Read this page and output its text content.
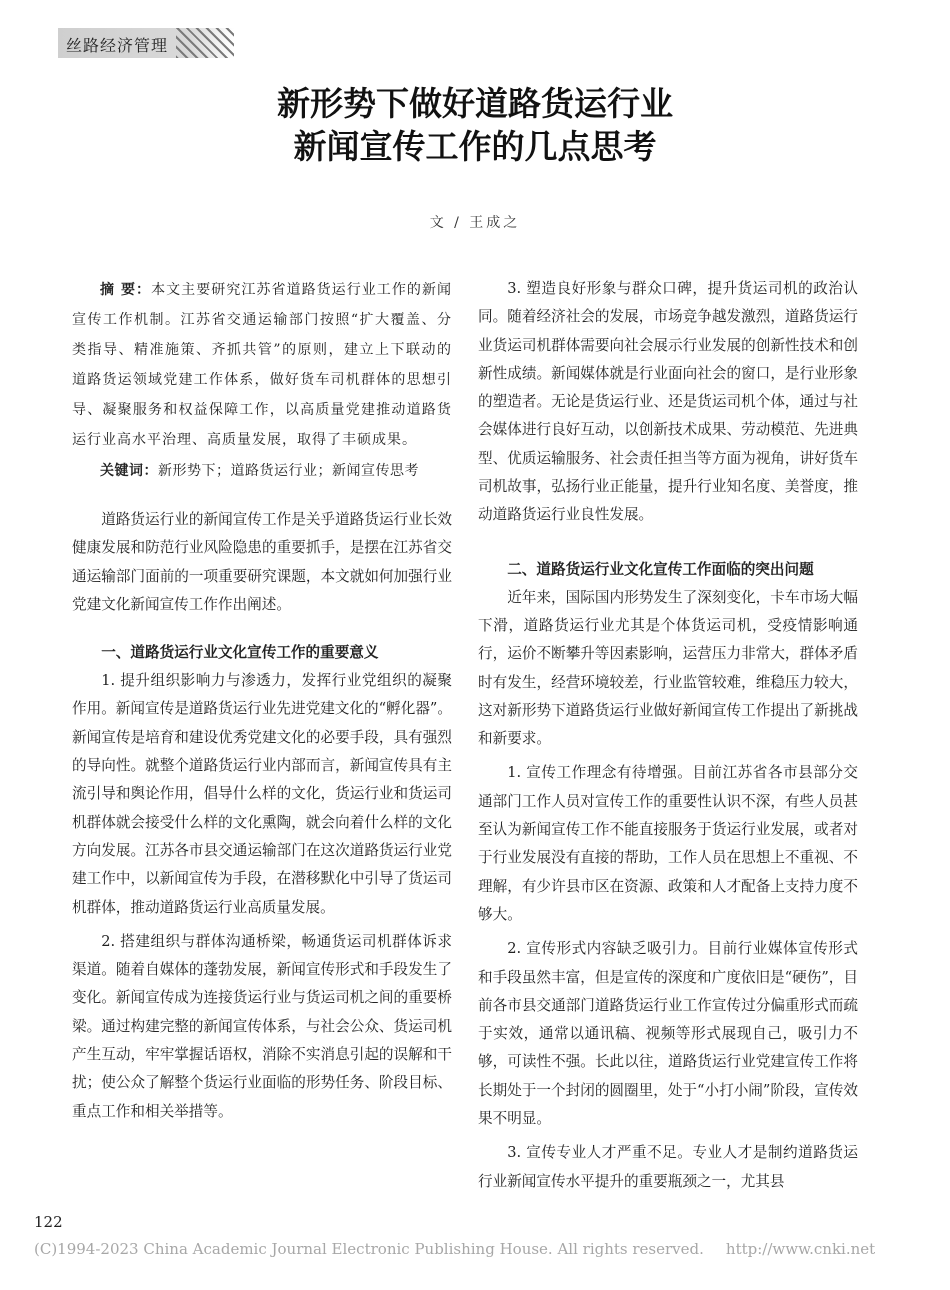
丝路经济管理
新形势下做好道路货运行业
新闻宣传工作的几点思考
文 / 王成之

摘 要：本文主要研究江苏省道路货运行业工作的新闻宣传工作机制。江苏省交通运输部门按照“扩大覆盖、分类指导、精准施策、齐抓共管”的原则，建立上下联动的道路货运领域党建工作体系，做好货车司机群体的思想引导、凝聚服务和权益保障工作，以高质量党建推动道路货运行业高水平治理、高质量发展，取得了丰硕成果。

关键词：新形势下；道路货运行业；新闻宣传思考

道路货运行业的新闻宣传工作是关乎道路货运行业长效健康发展和防范行业风险隐患的重要抓手，是摆在江苏省交通运输部门面前的一项重要研究课题，本文就如何加强行业党建文化新闻宣传工作作出阐述。

一、道路货运行业文化宣传工作的重要意义

1. 提升组织影响力与渗透力，发挥行业党组织的凝聚作用。新闻宣传是道路货运行业先进党建文化的“孵化器”。新闻宣传是培育和建设优秀党建文化的必要手段，具有强烈的导向性。就整个道路货运行业内部而言，新闻宣传具有主流引导和舆论作用，倡导什么样的文化，货运行业和货运司机群体就会接受什么样的文化熏陶，就会向着什么样的文化方向发展。江苏各市县交通运输部门在这次道路货运行业党建工作中，以新闻宣传为手段，在潜移默化中引导了货运司机群体，推动道路货运行业高质量发展。

2. 搭建组织与群体沟通桥梁，畅通货运司机群体诉求渠道。随着自媒体的蓬勃发展，新闻宣传形式和手段发生了变化。新闻宣传成为连接货运行业与货运司机之间的重要桥梁。通过构建完整的新闻宣传体系，与社会公众、货运司机产生互动，牢牢掌握话语权，消除不实消息引起的误解和干扰；使公众了解整个货运行业面临的形势任务、阶段目标、重点工作和相关举措等。

3. 塑造良好形象与群众口碑，提升货运司机的政治认同。随着经济社会的发展，市场竞争越发激烈，道路货运行业货运司机群体需要向社会展示行业发展的创新性技术和创新性成绩。新闻媒体就是行业面向社会的窗口，是行业形象的塑造者。无论是货运行业、还是货运司机个体，通过与社会媒体进行良好互动，以创新技术成果、劳动模范、先进典型、优质运输服务、社会责任担当等方面为视角，讲好货车司机故事，弘扬行业正能量，提升行业知名度、美誉度，推动道路货运行业良性发展。

二、道路货运行业文化宣传工作面临的突出问题

近年来，国际国内形势发生了深刻变化，卡车市场大幅下滑，道路货运行业尤其是个体货运司机，受疫情影响通行，运价不断攀升等因素影响，运营压力非常大，群体矛盾时有发生，经营环境较差，行业监管较难，维稳压力较大，这对新形势下道路货运行业做好新闻宣传工作提出了新挑战和新要求。

1. 宣传工作理念有待增强。目前江苏省各市县部分交通部门工作人员对宣传工作的重要性认识不深，有些人员甚至认为新闻宣传工作不能直接服务于货运行业发展，或者对于行业发展没有直接的帮助，工作人员在思想上不重视、不理解，有少许县市区在资源、政策和人才配备上支持力度不够大。

2. 宣传形式内容缺乏吸引力。目前行业媒体宣传形式和手段虽然丰富，但是宣传的深度和广度依旧是“硬伤”，目前各市县交通部门道路货运行业工作宣传过分偏重形式而疏于实效，通常以通讯稿、视频等形式展现自己，吸引力不够，可读性不强。长此以往，道路货运行业党建宣传工作将长期处于一个封闭的圆圈里，处于“小打小闹”阶段，宣传效果不明显。

3. 宣传专业人才严重不足。专业人才是制约道路货运行业新闻宣传水平提升的重要瓶颈之一，尤其县

122
(C)1994-2023 China Academic Journal Electronic Publishing House. All rights reserved. http://www.cnki.net
